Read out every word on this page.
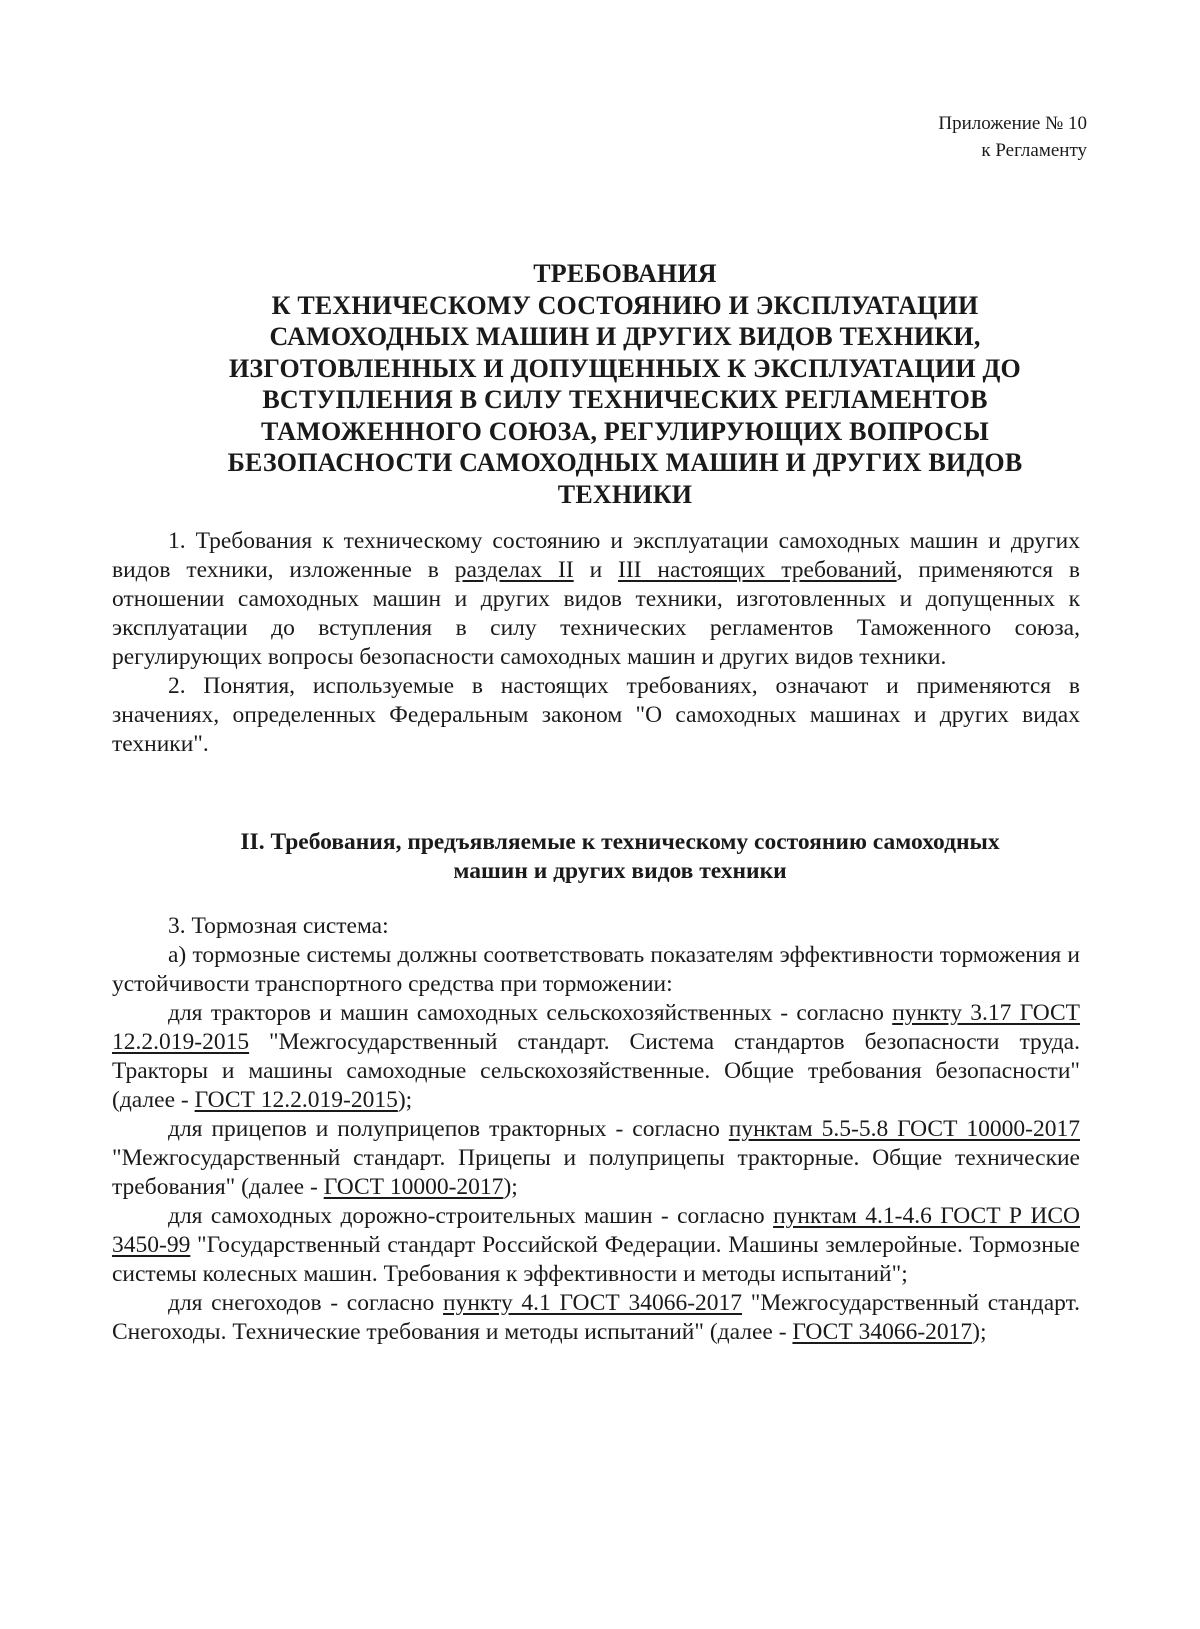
Приложение № 10
к Регламенту
ТРЕБОВАНИЯ
К ТЕХНИЧЕСКОМУ СОСТОЯНИЮ И ЭКСПЛУАТАЦИИ
САМОХОДНЫХ МАШИН И ДРУГИХ ВИДОВ ТЕХНИКИ,
ИЗГОТОВЛЕННЫХ И ДОПУЩЕННЫХ К ЭКСПЛУАТАЦИИ ДО
ВСТУПЛЕНИЯ В СИЛУ ТЕХНИЧЕСКИХ РЕГЛАМЕНТОВ
ТАМОЖЕННОГО СОЮЗА, РЕГУЛИРУЮЩИХ ВОПРОСЫ
БЕЗОПАСНОСТИ САМОХОДНЫХ МАШИН И ДРУГИХ ВИДОВ
ТЕХНИКИ

1. Требования к техническому состоянию и эксплуатации самоходных машин и других видов техники, изложенные в разделах II и III настоящих требований, применяются в отношении самоходных машин и других видов техники, изготовленных и допущенных к эксплуатации до вступления в силу технических регламентов Таможенного союза, регулирующих вопросы безопасности самоходных машин и других видов техники.

2. Понятия, используемые в настоящих требованиях, означают и применяются в значениях, определенных Федеральным законом "О самоходных машинах и других видах техники".

II. Требования, предъявляемые к техническому состоянию самоходных
машин и других видов техники

3. Тормозная система:

а) тормозные системы должны соответствовать показателям эффективности торможения и устойчивости транспортного средства при торможении:

для тракторов и машин самоходных сельскохозяйственных - согласно пункту 3.17 ГОСТ 12.2.019-2015 "Межгосударственный стандарт. Система стандартов безопасности труда. Тракторы и машины самоходные сельскохозяйственные. Общие требования безопасности" (далее - ГОСТ 12.2.019-2015);

для прицепов и полуприцепов тракторных - согласно пунктам 5.5-5.8 ГОСТ 10000-2017 "Межгосударственный стандарт. Прицепы и полуприцепы тракторные. Общие технические требования" (далее - ГОСТ 10000-2017);

для самоходных дорожно-строительных машин - согласно пунктам 4.1-4.6 ГОСТ Р ИСО 3450-99 "Государственный стандарт Российской Федерации. Машины землеройные. Тормозные системы колесных машин. Требования к эффективности и методы испытаний";

для снегоходов - согласно пункту 4.1 ГОСТ 34066-2017 "Межгосударственный стандарт. Снегоходы. Технические требования и методы испытаний" (далее - ГОСТ 34066-2017);
